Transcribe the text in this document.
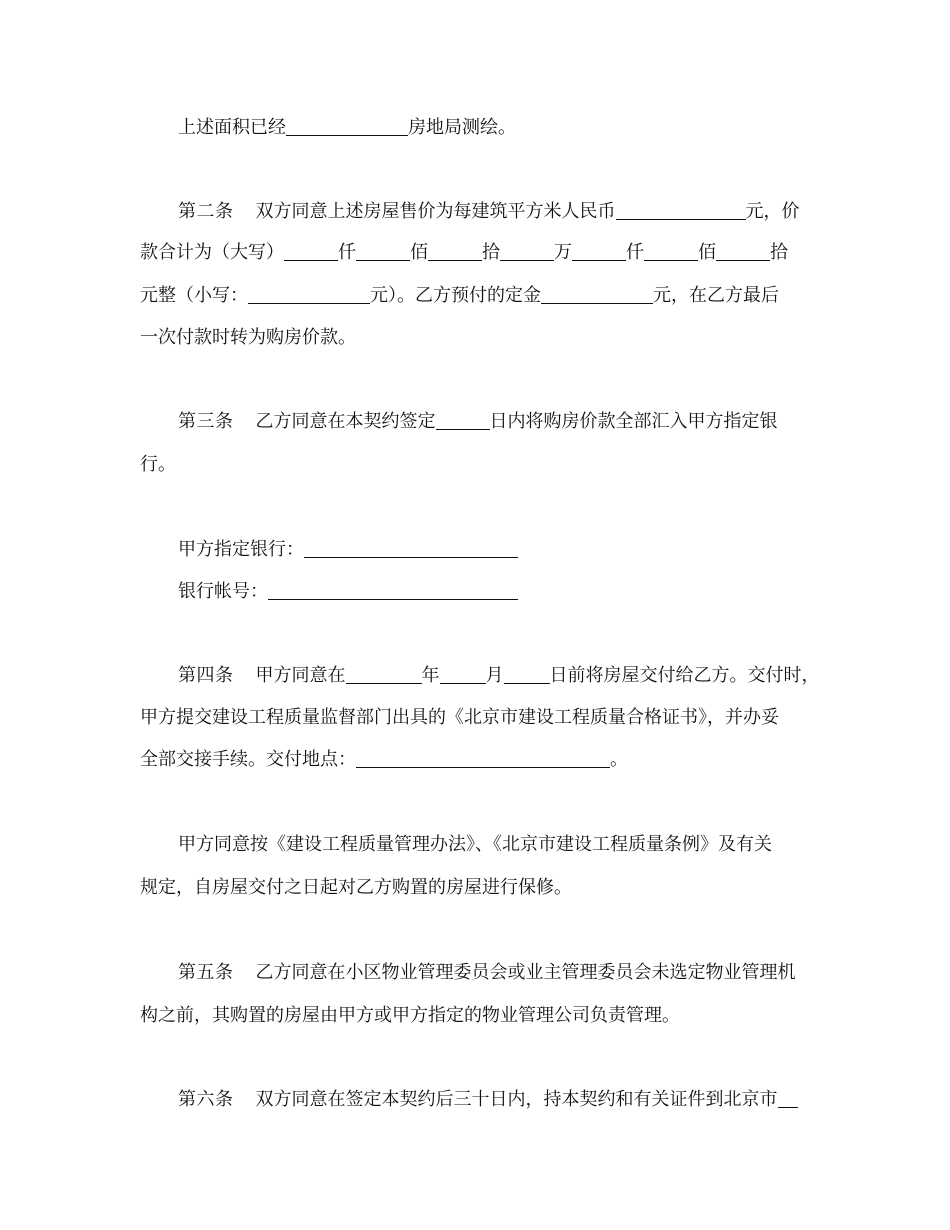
上述面积已经	房地局测绘。
第二条 双方同意上述房屋售价为每建筑平方米人民币	元，价
款合计为（大写）	仟	佰	拾	万	仟	佰	拾
元整（小写：	元）。乙方预付的定金	元，在乙方最后
一次付款时转为购房价款。
第三条 乙方同意在本契约签定	日内将购房价款全部汇入甲方指定银
行。
甲方指定银行：
银行帐号：
第四条 甲方同意在	年	月	日前将房屋交付给乙方。交付时，
甲方提交建设工程质量监督部门出具的《北京市建设工程质量合格证书》，并办妥
全部交接手续。交付地点：	。
甲方同意按《建设工程质量管理办法》、《北京市建设工程质量条例》及有关
规定，自房屋交付之日起对乙方购置的房屋进行保修。
第五条 乙方同意在小区物业管理委员会或业主管理委员会未选定物业管理机
构之前，其购置的房屋由甲方或甲方指定的物业管理公司负责管理。
第六条 双方同意在签定本契约后三十日内，持本契约和有关证件到北京市
